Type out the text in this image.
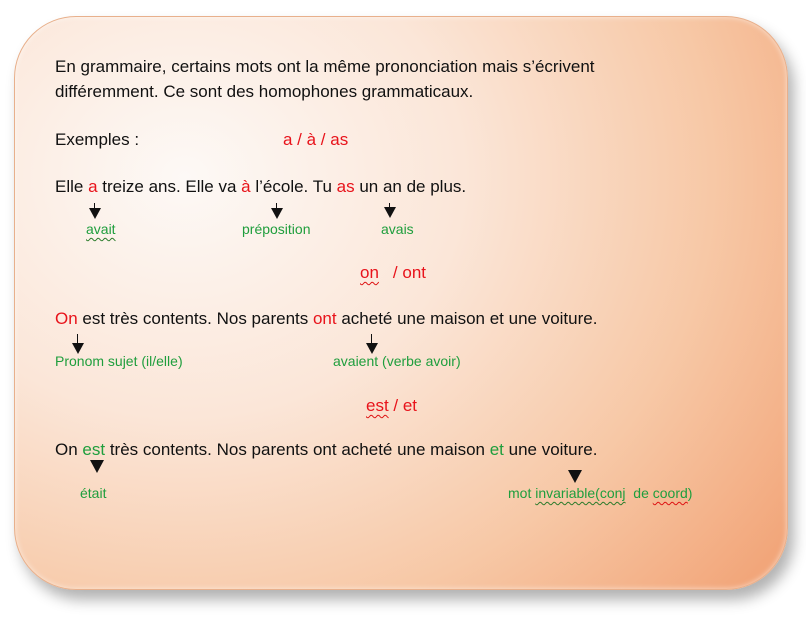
En grammaire, certains mots ont la même prononciation mais s’écrivent
différemment. Ce sont des homophones grammaticaux.
Exemples :	a / à / as
Elle a treize ans. Elle va à l’école. Tu as un an de plus.
avait	préposition	avais
on / ont
On est très contents. Nos parents ont acheté une maison et une voiture.
Pronom sujet (il/elle)	avaient (verbe avoir)
est / et
On est très contents. Nos parents ont acheté une maison et une voiture.
était	mot invariable(conj  de coord)
